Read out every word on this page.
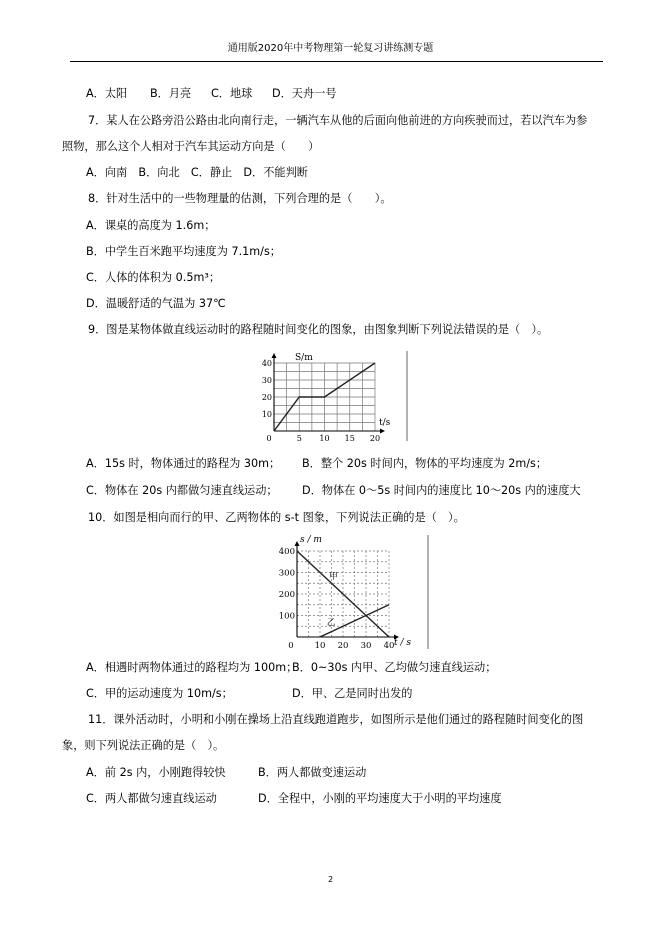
通用版2020年中考物理第一轮复习讲练测专题
A．太阳 B．月亮 C．地球 D．天舟一号
7．某人在公路旁沿公路由北向南行走，一辆汽车从他的后面向他前进的方向疾驶而过，若以汽车为参
照物，那么这个人相对于汽车其运动方向是（　　）
A．向南　B．向北　C．静止　D．不能判断
8．针对生活中的一些物理量的估测，下列合理的是（　　）。
A．课桌的高度为 1.6m；
B．中学生百米跑平均速度为 7.1m/s；
C．人体的体积为 0.5m³；
D．温暖舒适的气温为 37℃
9．图是某物体做直线运动时的路程随时间变化的图象，由图象判断下列说法错误的是（　）。
0	5 10 15 20
10
20
30
40
S/m
t/s
A．15s 时，物体通过的路程为 30m； B．整个 20s 时间内，物体的平均速度为 2m/s；
C．物体在 20s 内都做匀速直线运动； D．物体在 0～5s 时间内的速度比 10～20s 内的速度大
10．如图是相向而行的甲、乙两物体的 s-t 图象，下列说法正确的是（　）。
0 10 20 30 40
100
200
300
400
甲
乙
s / m
t / s
A．相遇时两物体通过的路程均为 100m；
B．0~30s 内甲、乙均做匀速直线运动；
C．甲的运动速度为 10m/s；	D．甲、乙是同时出发的
11．课外活动时，小明和小刚在操场上沿直线跑道跑步，如图所示是他们通过的路程随时间变化的图
象，则下列说法正确的是（　）。
A．前 2s 内，小刚跑得较快	B．两人都做变速运动
C．两人都做匀速直线运动	D．全程中，小刚的平均速度大于小明的平均速度
2
